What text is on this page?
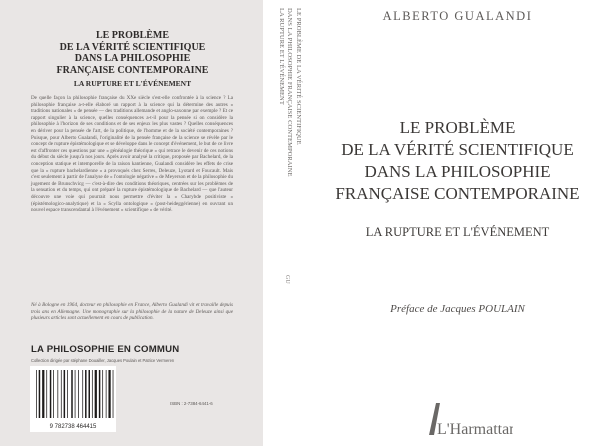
LE PROBLÈME
DE LA VÉRITÉ SCIENTIFIQUE
DANS LA PHILOSOPHIE
FRANÇAISE CONTEMPORAINE
LA RUPTURE ET L'ÉVÉNEMENT

De quelle façon la philosophie française du XXe siècle s'est-elle confrontée à la science ? La philosophie française a-t-elle élaboré un rapport à la science qui la détermine des autres « traditions nationales » de pensée — des traditions allemande et anglo-saxonne par exemple ? Et ce rapport singulier à la science, quelles conséquences a-t-il pour la pensée si on considère la philosophie à l'horizon de ses conditions et de ses enjeux les plus vastes ? Quelles conséquences en dériver pour la pensée de l'art, de la politique, de l'homme et de la société contemporaines ? Puisque, pour Alberto Gualandi, l'originalité de la pensée française de la science se révèle par le concept de rupture épistémologique et se développe dans le concept d'événement, le but de ce livre est d'affronter ces questions par une « généalogie théorique » qui retrace le devenir de ces notions du début du siècle jusqu'à nos jours. Après avoir analysé la critique, proposée par Bachelard, de la conception statique et intemporelle de la raison kantienne, Gualandi considère les effets de crise que la « rupture bachelardienne » a provoqués chez Serres, Deleuze, Lyotard et Foucault. Mais c'est seulement à partir de l'analyse de « l'ontologie négative » de Meyerson et de la philosophie du jugement de Brunschvicg — c'est-à-dire des conditions théoriques, centrées sur les problèmes de la sensation et du temps, qui ont préparé la rupture épistémologique de Bachelard — que l'auteur découvre une voie qui pourrait nous permettre d'éviter la « Charybde positiviste » (épistémologico-analytique) et la « Scylla ontologique » (post-heideggérienne) en ouvrant un nouvel espace transcendantal à l'événement « scientifique » de vérité.

Né à Bologne en 1964, docteur en philosophie en France, Alberto Gualandi vit et travaille depuis trois ans en Allemagne. Une monographie sur la philosophie de la nature de Deleuze ainsi que plusieurs articles sont actuellement en cours de publication.

LA PHILOSOPHIE EN COMMUN
Collection dirigée par stéphane Douailler, Jacques Poulain et Patrice Vermeren
9 782738 464415
ISBN : 2-7384-6441-6
LE PROBLÈME DE LA VÉRITÉ SCIENTIFIQUE
DANS LA PHILOSOPHIE FRANÇAISE CONTEMPORAINE
LA RUPTURE ET L'ÉVÉNEMENT
GU
ALBERTO GUALANDI
LE PROBLÈME
DE LA VÉRITÉ SCIENTIFIQUE
DANS LA PHILOSOPHIE
FRANÇAISE CONTEMPORAINE
LA RUPTURE ET L'ÉVÉNEMENT
Préface de Jacques POULAIN
L'Harmattan
